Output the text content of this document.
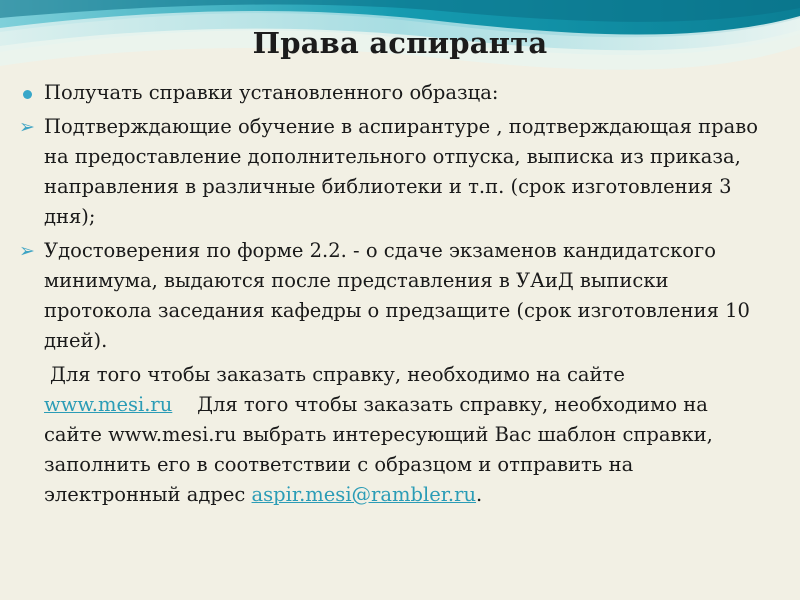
Права аспиранта
Получать справки установленного образца:
➢ Подтверждающие обучение в аспирантуре , подтверждающая право на предоставление дополнительного отпуска, выписка из приказа, направления в различные библиотеки и т.п. (срок изготовления 3 дня);
➢ Удостоверения по форме 2.2. - о сдаче экзаменов кандидатского минимума, выдаются после представления в УАиД выписки протокола заседания кафедры о предзащите (срок изготовления 10 дней).
Для того чтобы заказать справку, необходимо на сайте
www.mesi.ru Для того чтобы заказать справку, необходимо на сайте www.mesi.ru выбрать интересующий Вас шаблон справки, заполнить его в соответствии с образцом и отправить на электронный адрес aspir.mesi@rambler.ru.
